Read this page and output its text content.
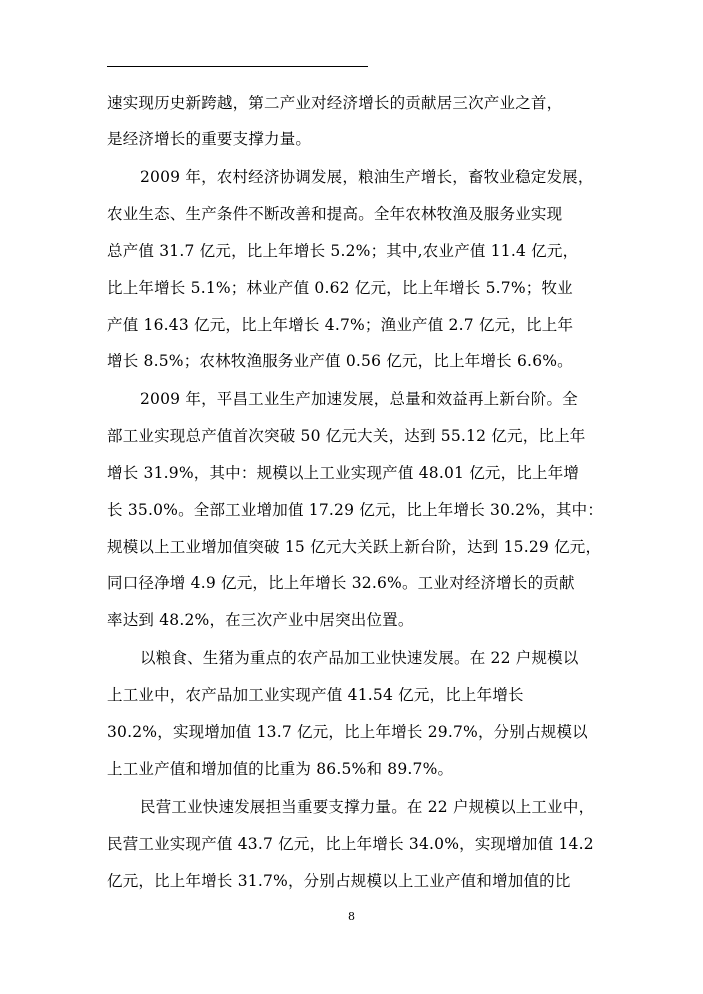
速实现历史新跨越，第二产业对经济增长的贡献居三次产业之首，
是经济增长的重要支撑力量。
2009 年，农村经济协调发展，粮油生产增长，畜牧业稳定发展，
农业生态、生产条件不断改善和提高。全年农林牧渔及服务业实现
总产值 31.7 亿元，比上年增长 5.2%；其中,农业产值 11.4 亿元，
比上年增长 5.1%；林业产值 0.62 亿元，比上年增长 5.7%；牧业
产值 16.43 亿元，比上年增长 4.7%；渔业产值 2.7 亿元，比上年
增长 8.5%；农林牧渔服务业产值 0.56 亿元，比上年增长 6.6%。
2009 年，平昌工业生产加速发展，总量和效益再上新台阶。全
部工业实现总产值首次突破 50 亿元大关，达到 55.12 亿元，比上年
增长 31.9%，其中：规模以上工业实现产值 48.01 亿元，比上年增
长 35.0%。全部工业增加值 17.29 亿元，比上年增长 30.2%，其中：
规模以上工业增加值突破 15 亿元大关跃上新台阶，达到 15.29 亿元，
同口径净增 4.9 亿元，比上年增长 32.6%。工业对经济增长的贡献
率达到 48.2%，在三次产业中居突出位置。
以粮食、生猪为重点的农产品加工业快速发展。在 22 户规模以
上工业中，农产品加工业实现产值 41.54 亿元，比上年增长
30.2%，实现增加值 13.7 亿元，比上年增长 29.7%，分别占规模以
上工业产值和增加值的比重为 86.5%和 89.7%。
民营工业快速发展担当重要支撑力量。在 22 户规模以上工业中，
民营工业实现产值 43.7 亿元，比上年增长 34.0%，实现增加值 14.2
亿元，比上年增长 31.7%，分别占规模以上工业产值和增加值的比
8
